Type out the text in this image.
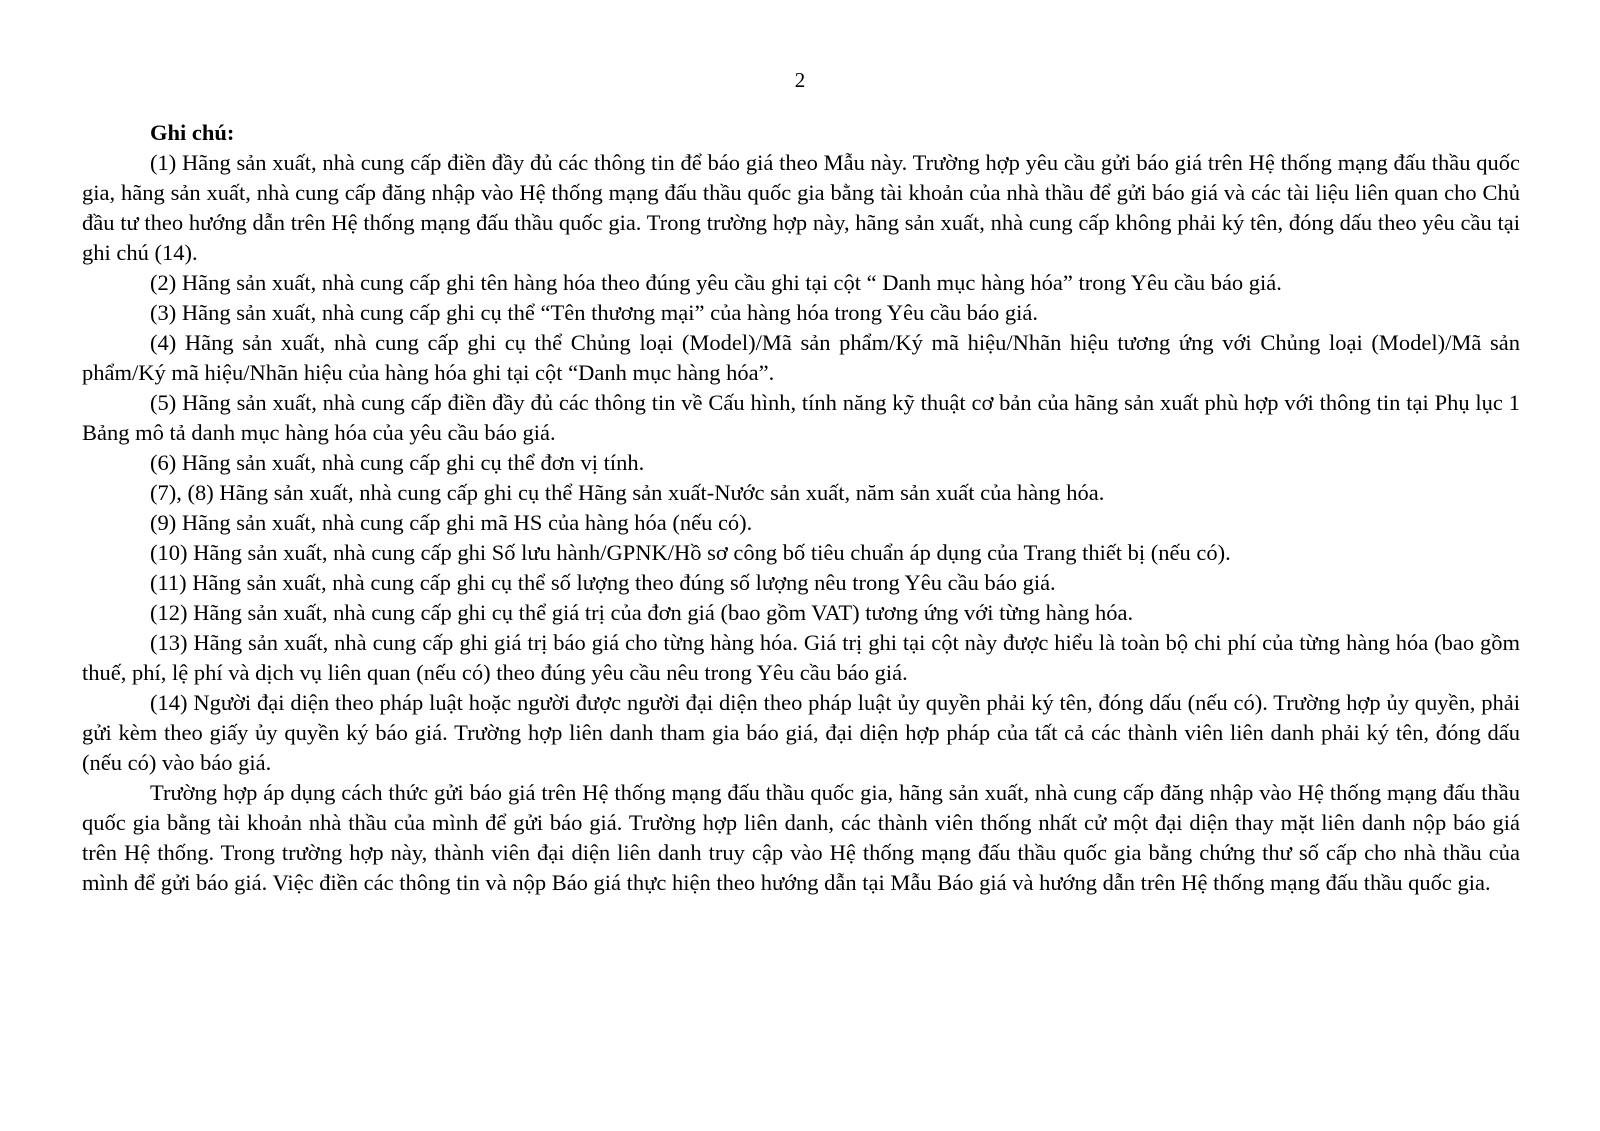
2

Ghi chú:

(1) Hãng sản xuất, nhà cung cấp điền đầy đủ các thông tin để báo giá theo Mẫu này. Trường hợp yêu cầu gửi báo giá trên Hệ thống mạng đấu thầu quốc gia, hãng sản xuất, nhà cung cấp đăng nhập vào Hệ thống mạng đấu thầu quốc gia bằng tài khoản của nhà thầu để gửi báo giá và các tài liệu liên quan cho Chủ đầu tư theo hướng dẫn trên Hệ thống mạng đấu thầu quốc gia. Trong trường hợp này, hãng sản xuất, nhà cung cấp không phải ký tên, đóng dấu theo yêu cầu tại ghi chú (14).

(2) Hãng sản xuất, nhà cung cấp ghi tên hàng hóa theo đúng yêu cầu ghi tại cột “ Danh mục hàng hóa” trong Yêu cầu báo giá.

(3) Hãng sản xuất, nhà cung cấp ghi cụ thể “Tên thương mại” của hàng hóa trong Yêu cầu báo giá.

(4) Hãng sản xuất, nhà cung cấp ghi cụ thể Chủng loại (Model)/Mã sản phẩm/Ký mã hiệu/Nhãn hiệu tương ứng với Chủng loại (Model)/Mã sản phẩm/Ký mã hiệu/Nhãn hiệu của hàng hóa ghi tại cột “Danh mục hàng hóa”.

(5) Hãng sản xuất, nhà cung cấp điền đầy đủ các thông tin về Cấu hình, tính năng kỹ thuật cơ bản của hãng sản xuất phù hợp với thông tin tại Phụ lục 1 Bảng mô tả danh mục hàng hóa của yêu cầu báo giá.

(6) Hãng sản xuất, nhà cung cấp ghi cụ thể đơn vị tính.

(7), (8) Hãng sản xuất, nhà cung cấp ghi cụ thể Hãng sản xuất-Nước sản xuất, năm sản xuất của hàng hóa.

(9) Hãng sản xuất, nhà cung cấp ghi mã HS của hàng hóa (nếu có).

(10) Hãng sản xuất, nhà cung cấp ghi Số lưu hành/GPNK/Hồ sơ công bố tiêu chuẩn áp dụng của Trang thiết bị (nếu có).

(11) Hãng sản xuất, nhà cung cấp ghi cụ thể số lượng theo đúng số lượng nêu trong Yêu cầu báo giá.

(12) Hãng sản xuất, nhà cung cấp ghi cụ thể giá trị của đơn giá (bao gồm VAT) tương ứng với từng hàng hóa.

(13) Hãng sản xuất, nhà cung cấp ghi giá trị báo giá cho từng hàng hóa. Giá trị ghi tại cột này được hiểu là toàn bộ chi phí của từng hàng hóa (bao gồm thuế, phí, lệ phí và dịch vụ liên quan (nếu có) theo đúng yêu cầu nêu trong Yêu cầu báo giá.

(14) Người đại diện theo pháp luật hoặc người được người đại diện theo pháp luật ủy quyền phải ký tên, đóng dấu (nếu có). Trường hợp ủy quyền, phải gửi kèm theo giấy ủy quyền ký báo giá. Trường hợp liên danh tham gia báo giá, đại diện hợp pháp của tất cả các thành viên liên danh phải ký tên, đóng dấu (nếu có) vào báo giá.

Trường hợp áp dụng cách thức gửi báo giá trên Hệ thống mạng đấu thầu quốc gia, hãng sản xuất, nhà cung cấp đăng nhập vào Hệ thống mạng đấu thầu quốc gia bằng tài khoản nhà thầu của mình để gửi báo giá. Trường hợp liên danh, các thành viên thống nhất cử một đại diện thay mặt liên danh nộp báo giá trên Hệ thống. Trong trường hợp này, thành viên đại diện liên danh truy cập vào Hệ thống mạng đấu thầu quốc gia bằng chứng thư số cấp cho nhà thầu của mình để gửi báo giá. Việc điền các thông tin và nộp Báo giá thực hiện theo hướng dẫn tại Mẫu Báo giá và hướng dẫn trên Hệ thống mạng đấu thầu quốc gia.
